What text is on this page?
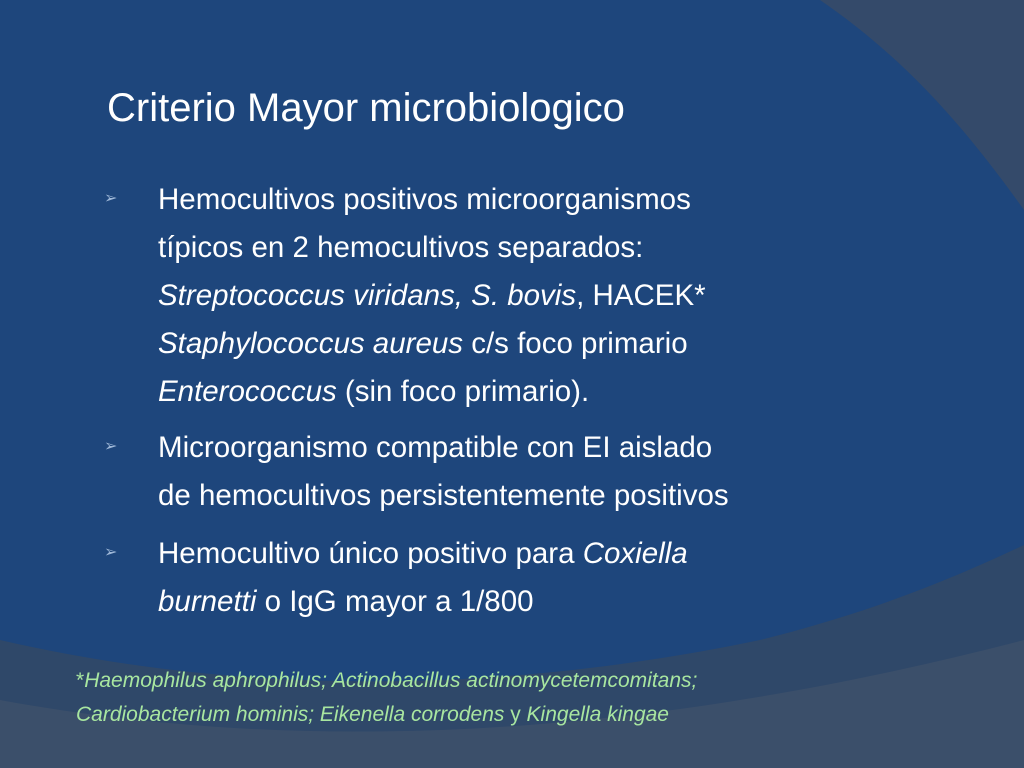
Criterio Mayor microbiologico
➢ Hemocultivos positivos microorganismos
típicos en 2 hemocultivos separados:
Streptococcus viridans, S. bovis, HACEK*
Staphylococcus aureus c/s foco primario
Enterococcus (sin foco primario).

➢ Microorganismo compatible con EI aislado
de hemocultivos persistentemente positivos

➢ Hemocultivo único positivo para Coxiella
burnetti o IgG mayor a 1/800

*Haemophilus aphrophilus; Actinobacillus actinomycetemcomitans;
Cardiobacterium hominis; Eikenella corrodens y Kingella kingae
